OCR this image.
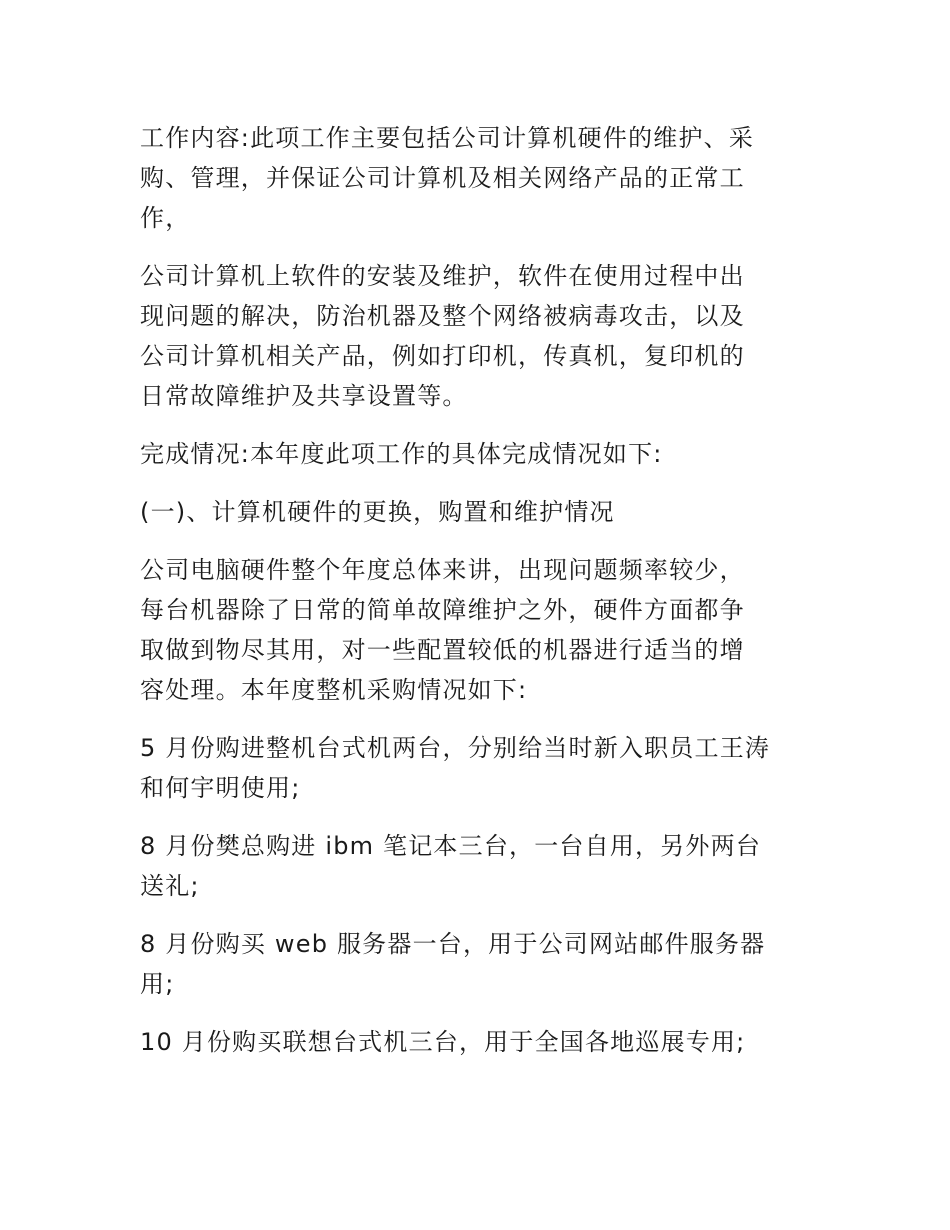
工作内容:此项工作主要包括公司计算机硬件的维护、采
购、管理，并保证公司计算机及相关网络产品的正常工
作，

公司计算机上软件的安装及维护，软件在使用过程中出
现问题的解决，防治机器及整个网络被病毒攻击，以及
公司计算机相关产品，例如打印机，传真机，复印机的
日常故障维护及共享设置等。

完成情况:本年度此项工作的具体完成情况如下:

(一)、计算机硬件的更换，购置和维护情况

公司电脑硬件整个年度总体来讲，出现问题频率较少，
每台机器除了日常的简单故障维护之外，硬件方面都争
取做到物尽其用，对一些配置较低的机器进行适当的增
容处理。本年度整机采购情况如下:

5 月份购进整机台式机两台，分别给当时新入职员工王涛
和何宇明使用;

8 月份樊总购进 ibm 笔记本三台，一台自用，另外两台
送礼;

8 月份购买 web 服务器一台，用于公司网站邮件服务器
用;

10 月份购买联想台式机三台，用于全国各地巡展专用;
